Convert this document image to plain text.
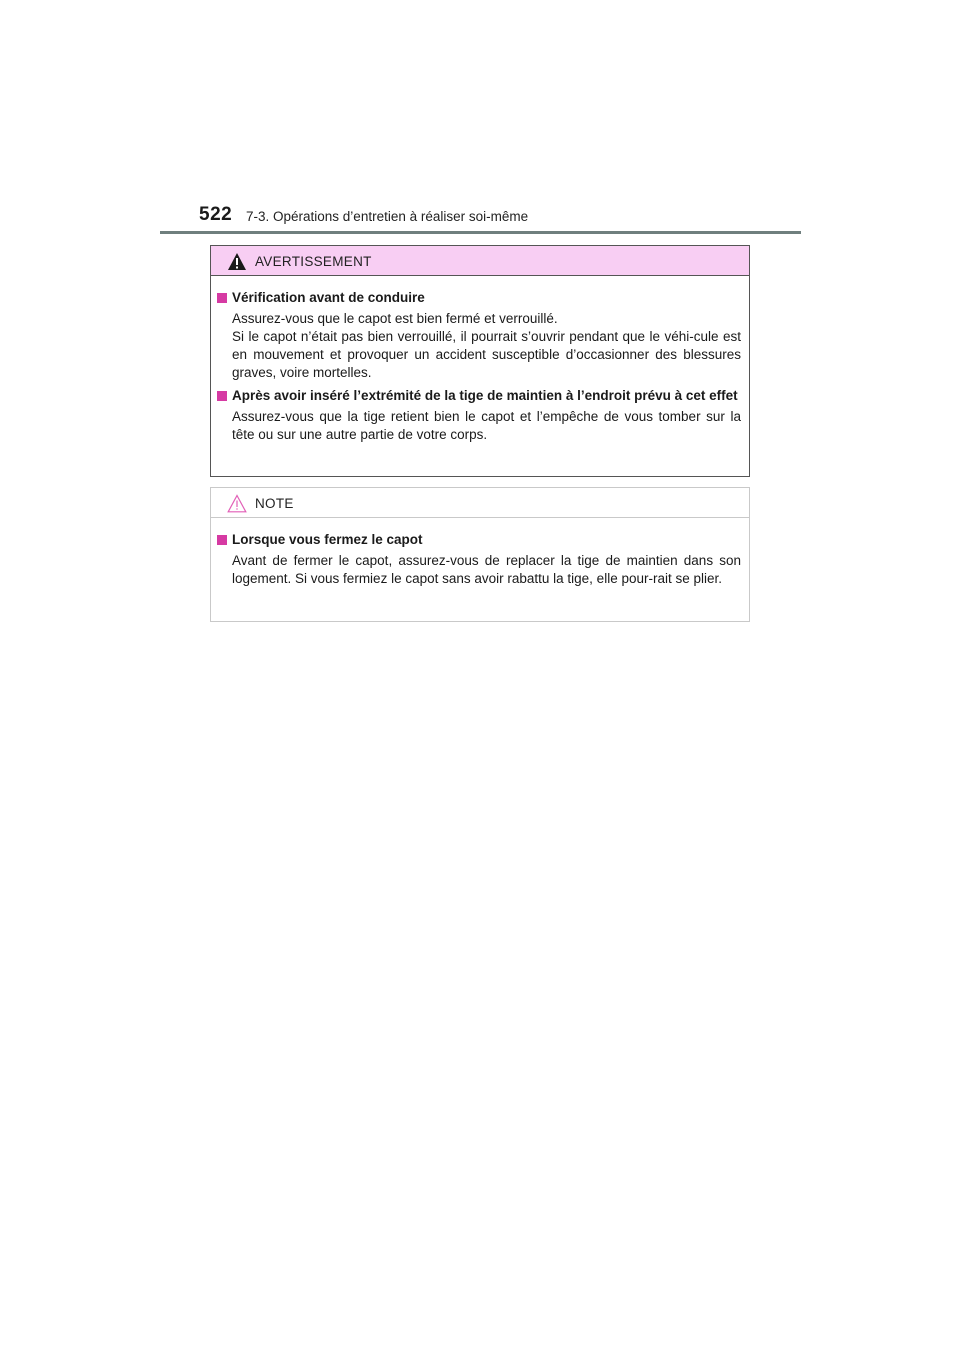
522 7-3. Opérations d’entretien à réaliser soi-même
AVERTISSEMENT
Vérification avant de conduire
Assurez-vous que le capot est bien fermé et verrouillé.
Si le capot n’était pas bien verrouillé, il pourrait s’ouvrir pendant que le véhi-cule est en mouvement et provoquer un accident susceptible d’occasionner des blessures graves, voire mortelles.
Après avoir inséré l’extrémité de la tige de maintien à l’endroit prévu à cet effet
Assurez-vous que la tige retient bien le capot et l’empêche de vous tomber sur la tête ou sur une autre partie de votre corps.
NOTE
Lorsque vous fermez le capot
Avant de fermer le capot, assurez-vous de replacer la tige de maintien dans son logement. Si vous fermiez le capot sans avoir rabattu la tige, elle pour-rait se plier.
